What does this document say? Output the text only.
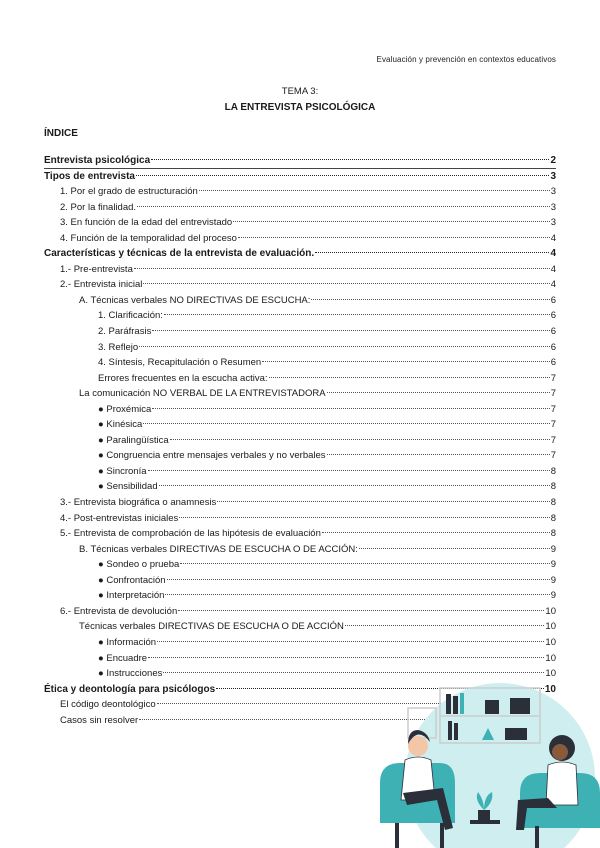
Evaluación y prevención en contextos educativos
TEMA 3:
LA ENTREVISTA PSICOLÓGICA
ÍNDICE
Entrevista psicológica	2
Tipos de entrevista	3
1. Por el grado de estructuración	3
2. Por la finalidad.	3
3. En función de la edad del entrevistado	3
4. Función de la temporalidad del proceso	4
Características y técnicas de la entrevista de evaluación.	4
1.- Pre-entrevista	4
2.- Entrevista inicial	4
A. Técnicas verbales NO DIRECTIVAS DE ESCUCHA:	6
1. Clarificación:	6
2. Paráfrasis	6
3. Reflejo	6
4. Síntesis, Recapitulación o Resumen	6
Errores frecuentes en la escucha activa:	7
La comunicación NO VERBAL DE LA ENTREVISTADORA	7
● Proxémica	7
● Kinésica	7
● Paralingüística	7
● Congruencia entre mensajes verbales y no verbales	7
● Sincronía	8
● Sensibilidad	8
3.- Entrevista biográfica o anamnesis	8
4.- Post-entrevistas iniciales	8
5.- Entrevista de comprobación de las hipótesis de evaluación	8
B. Técnicas verbales DIRECTIVAS DE ESCUCHA O DE ACCIÓN:	9
● Sondeo o prueba	9
● Confrontación	9
● Interpretación	9
6.- Entrevista de devolución	10
Técnicas verbales DIRECTIVAS DE ESCUCHA O DE ACCIÓN	10
● Información	10
● Encuadre	10
● Instrucciones	10
Ética y deontología para psicólogos	10
El código deontológico
Casos sin resolver
